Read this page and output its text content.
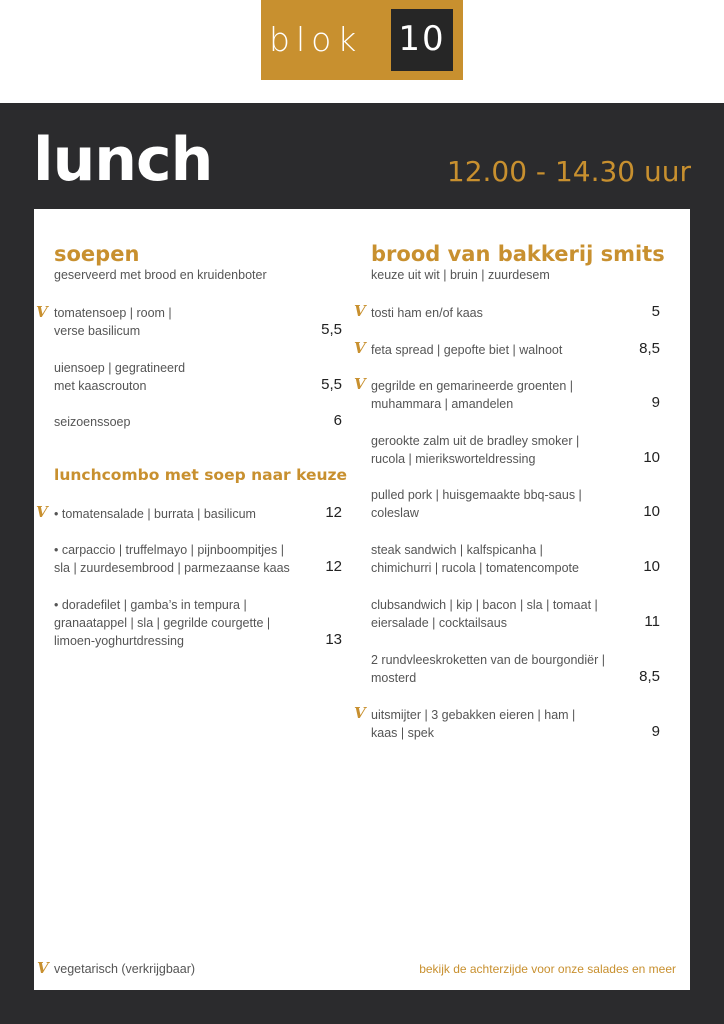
blok 10
lunch	12.00 - 14.30 uur
soepen
geserveerd met brood en kruidenboter
V tomatensoep | room |
verse basilicum	5,5
uiensoep | gegratineerd
met kaascrouton	5,5
seizoenssoep	6
lunchcombo met soep naar keuze
V • tomatensalade | burrata | basilicum	12
• carpaccio | truffelmayo | pijnboompitjes |
sla | zuurdesembrood | parmezaanse kaas	12
• doradefilet | gamba’s in tempura |
granaatappel | sla | gegrilde courgette |
limoen-yoghurtdressing	13
brood van bakkerij smits
keuze uit wit | bruin | zuurdesem
V tosti ham en/of kaas	5
V feta spread | gepofte biet | walnoot	8,5
V gegrilde en gemarineerde groenten |
muhammara | amandelen	9
gerookte zalm uit de bradley smoker |
rucola | mieriksworteldressing	10
pulled pork | huisgemaakte bbq-saus |
coleslaw	10
steak sandwich | kalfspicanha |
chimichurri | rucola | tomatencompote	10
clubsandwich | kip | bacon | sla | tomaat |
eiersalade | cocktailsaus	11
2 rundvleeskroketten van de bourgondiër |
mosterd	8,5
V uitsmijter | 3 gebakken eieren | ham |
kaas | spek	9
V vegetarisch (verkrijgbaar)	bekijk de achterzijde voor onze salades en meer
